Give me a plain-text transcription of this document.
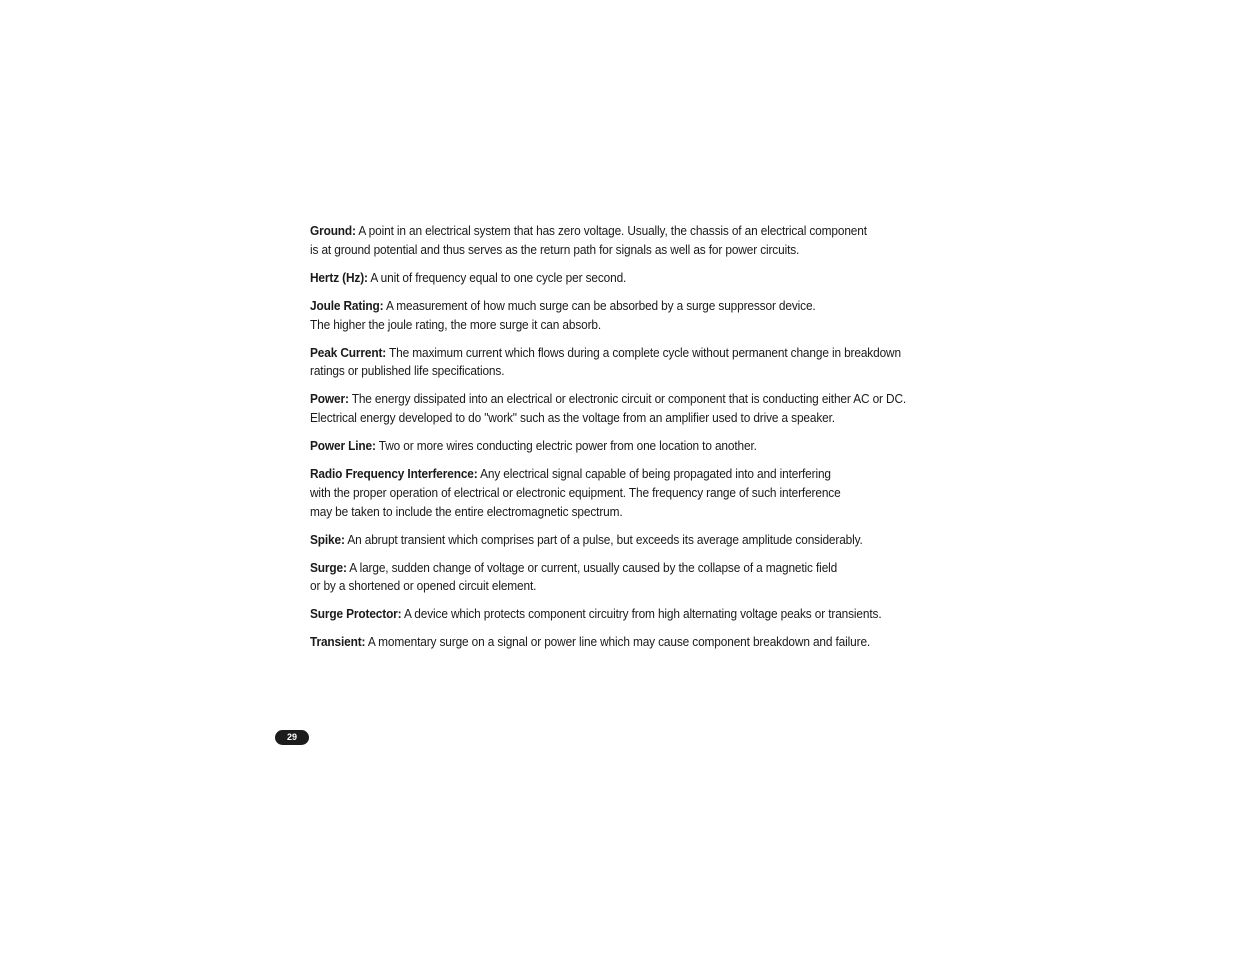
Ground: A point in an electrical system that has zero voltage. Usually, the chassis of an electrical component
is at ground potential and thus serves as the return path for signals as well as for power circuits.

Hertz (Hz): A unit of frequency equal to one cycle per second.

Joule Rating: A measurement of how much surge can be absorbed by a surge suppressor device.
The higher the joule rating, the more surge it can absorb.

Peak Current: The maximum current which flows during a complete cycle without permanent change in breakdown
ratings or published life specifications.

Power: The energy dissipated into an electrical or electronic circuit or component that is conducting either AC or DC.
Electrical energy developed to do "work" such as the voltage from an amplifier used to drive a speaker.

Power Line: Two or more wires conducting electric power from one location to another.

Radio Frequency Interference: Any electrical signal capable of being propagated into and interfering
with the proper operation of electrical or electronic equipment. The frequency range of such interference
may be taken to include the entire electromagnetic spectrum.

Spike: An abrupt transient which comprises part of a pulse, but exceeds its average amplitude considerably.

Surge: A large, sudden change of voltage or current, usually caused by the collapse of a magnetic field
or by a shortened or opened circuit element.

Surge Protector: A device which protects component circuitry from high alternating voltage peaks or transients.

Transient: A momentary surge on a signal or power line which may cause component breakdown and failure.

29
